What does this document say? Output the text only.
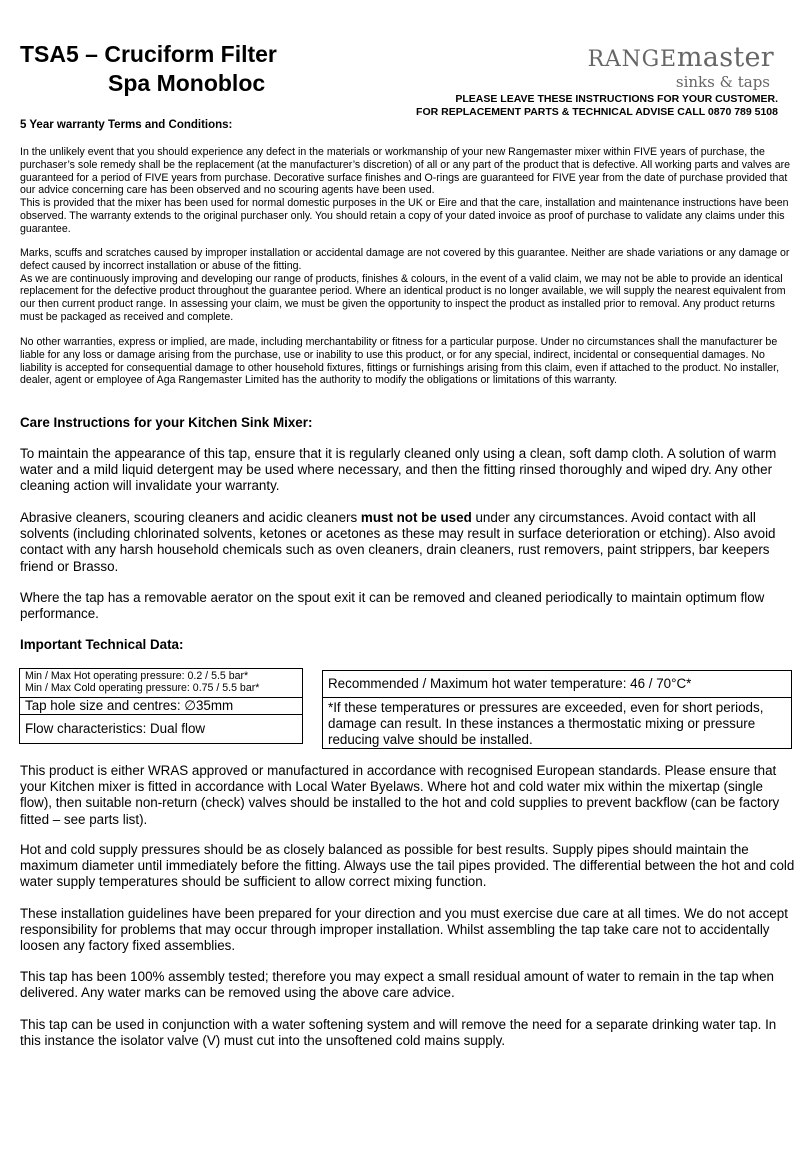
TSA5 – Cruciform Filter
Spa Monobloc
RANGEmaster
sinks & taps
PLEASE LEAVE THESE INSTRUCTIONS FOR YOUR CUSTOMER.
FOR REPLACEMENT PARTS & TECHNICAL ADVISE CALL 0870 789 5108

5 Year warranty Terms and Conditions:

In the unlikely event that you should experience any defect in the materials or workmanship of your new Rangemaster mixer within FIVE years of purchase, the purchaser’s sole remedy shall be the replacement (at the manufacturer’s discretion) of all or any part of the product that is defective. All working parts and valves are guaranteed for a period of FIVE years from purchase. Decorative surface finishes and O-rings are guaranteed for FIVE year from the date of purchase provided that our advice concerning care has been observed and no scouring agents have been used.
This is provided that the mixer has been used for normal domestic purposes in the UK or Eire and that the care, installation and maintenance instructions have been observed. The warranty extends to the original purchaser only. You should retain a copy of your dated invoice as proof of purchase to validate any claims under this guarantee.
Marks, scuffs and scratches caused by improper installation or accidental damage are not covered by this guarantee. Neither are shade variations or any damage or defect caused by incorrect installation or abuse of the fitting.
As we are continuously improving and developing our range of products, finishes & colours, in the event of a valid claim, we may not be able to provide an identical replacement for the defective product throughout the guarantee period. Where an identical product is no longer available, we will supply the nearest equivalent from our then current product range. In assessing your claim, we must be given the opportunity to inspect the product as installed prior to removal. Any product returns must be packaged as received and complete.
No other warranties, express or implied, are made, including merchantability or fitness for a particular purpose. Under no circumstances shall the manufacturer be liable for any loss or damage arising from the purchase, use or inability to use this product, or for any special, indirect, incidental or consequential damages. No liability is accepted for consequential damage to other household fixtures, fittings or furnishings arising from this claim, even if attached to the product. No installer, dealer, agent or employee of Aga Rangemaster Limited has the authority to modify the obligations or limitations of this warranty.

Care Instructions for your Kitchen Sink Mixer:

To maintain the appearance of this tap, ensure that it is regularly cleaned only using a clean, soft damp cloth. A solution of warm water and a mild liquid detergent may be used where necessary, and then the fitting rinsed thoroughly and wiped dry. Any other cleaning action will invalidate your warranty.

Abrasive cleaners, scouring cleaners and acidic cleaners must not be used under any circumstances. Avoid contact with all solvents (including chlorinated solvents, ketones or acetones as these may result in surface deterioration or etching). Also avoid contact with any harsh household chemicals such as oven cleaners, drain cleaners, rust removers, paint strippers, bar keepers friend or Brasso.

Where the tap has a removable aerator on the spout exit it can be removed and cleaned periodically to maintain optimum flow performance.

Important Technical Data:

Min / Max Hot operating pressure: 0.2 / 5.5 bar*
Min / Max Cold operating pressure: 0.75 / 5.5 bar*

Tap hole size and centres: ∅35mm
Flow characteristics: Dual flow
Recommended / Maximum hot water temperature: 46 / 70°C*
*If these temperatures or pressures are exceeded, even for short periods, damage can result. In these instances a thermostatic mixing or pressure reducing valve should be installed.

This product is either WRAS approved or manufactured in accordance with recognised European standards. Please ensure that your Kitchen mixer is fitted in accordance with Local Water Byelaws. Where hot and cold water mix within the mixertap (single flow), then suitable non-return (check) valves should be installed to the hot and cold supplies to prevent backflow (can be factory fitted – see parts list).

Hot and cold supply pressures should be as closely balanced as possible for best results. Supply pipes should maintain the maximum diameter until immediately before the fitting. Always use the tail pipes provided. The differential between the hot and cold water supply temperatures should be sufficient to allow correct mixing function.

These installation guidelines have been prepared for your direction and you must exercise due care at all times. We do not accept responsibility for problems that may occur through improper installation. Whilst assembling the tap take care not to accidentally loosen any factory fixed assemblies.

This tap has been 100% assembly tested; therefore you may expect a small residual amount of water to remain in the tap when delivered. Any water marks can be removed using the above care advice.

This tap can be used in conjunction with a water softening system and will remove the need for a separate drinking water tap. In this instance the isolator valve (V) must cut into the unsoftened cold mains supply.
